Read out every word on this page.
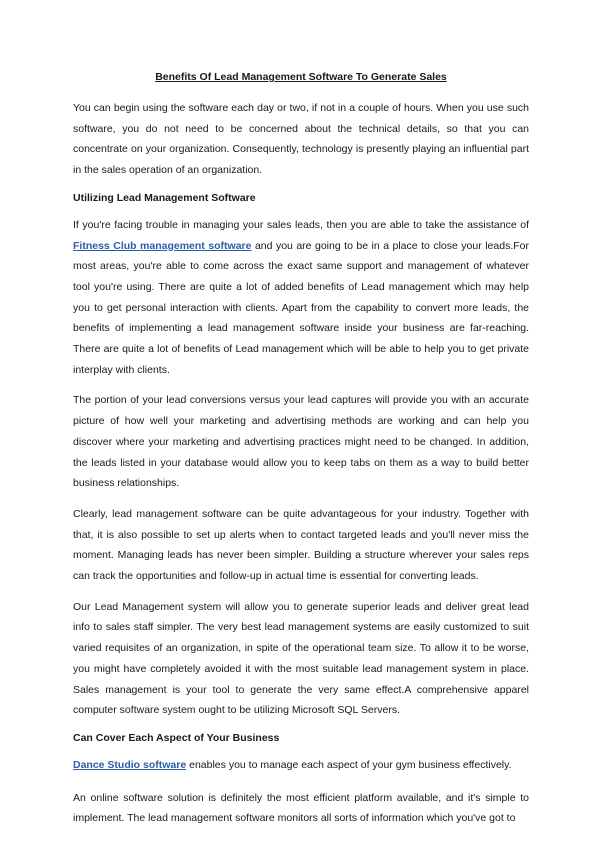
Benefits Of Lead Management Software To Generate Sales

You can begin using the software each day or two, if not in a couple of hours. When you use such software, you do not need to be concerned about the technical details, so that you can concentrate on your organization. Consequently, technology is presently playing an influential part in the sales operation of an organization.

Utilizing Lead Management Software

If you're facing trouble in managing your sales leads, then you are able to take the assistance of Fitness Club management software and you are going to be in a place to close your leads.For most areas, you're able to come across the exact same support and management of whatever tool you're using. There are quite a lot of added benefits of Lead management which may help you to get personal interaction with clients. Apart from the capability to convert more leads, the benefits of implementing a lead management software inside your business are far-reaching. There are quite a lot of benefits of Lead management which will be able to help you to get private interplay with clients.

The portion of your lead conversions versus your lead captures will provide you with an accurate picture of how well your marketing and advertising methods are working and can help you discover where your marketing and advertising practices might need to be changed. In addition, the leads listed in your database would allow you to keep tabs on them as a way to build better business relationships.

Clearly, lead management software can be quite advantageous for your industry. Together with that, it is also possible to set up alerts when to contact targeted leads and you'll never miss the moment. Managing leads has never been simpler. Building a structure wherever your sales reps can track the opportunities and follow-up in actual time is essential for converting leads.

Our Lead Management system will allow you to generate superior leads and deliver great lead info to sales staff simpler. The very best lead management systems are easily customized to suit varied requisites of an organization, in spite of the operational team size. To allow it to be worse, you might have completely avoided it with the most suitable lead management system in place. Sales management is your tool to generate the very same effect.A comprehensive apparel computer software system ought to be utilizing Microsoft SQL Servers.

Can Cover Each Aspect of Your Business

Dance Studio software enables you to manage each aspect of your gym business effectively.

An online software solution is definitely the most efficient platform available, and it's simple to implement. The lead management software monitors all sorts of information which you've got to
